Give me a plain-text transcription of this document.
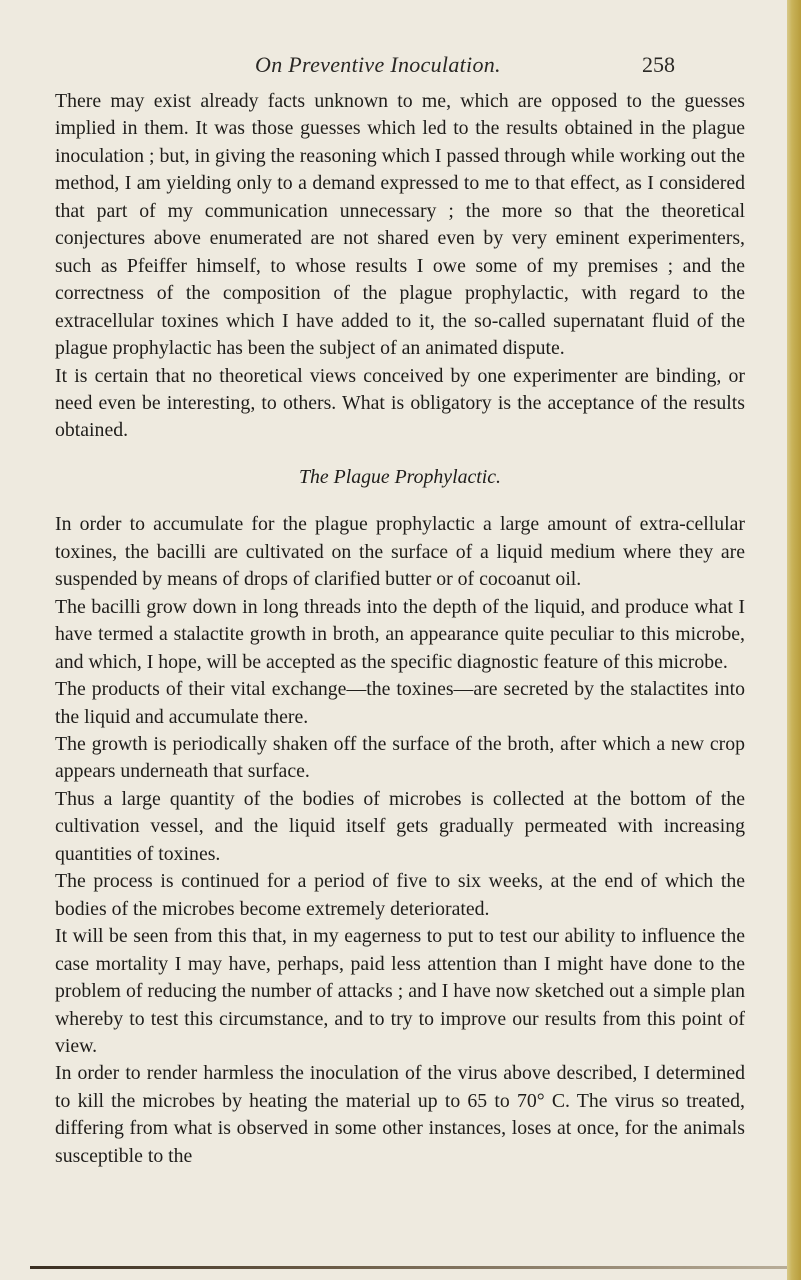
On Preventive Inoculation.	258

There may exist already facts unknown to me, which are opposed to the guesses implied in them. It was those guesses which led to the results obtained in the plague inoculation ; but, in giving the reasoning which I passed through while working out the method, I am yielding only to a demand expressed to me to that effect, as I considered that part of my communication unnecessary ; the more so that the theoretical conjectures above enumerated are not shared even by very eminent experimenters, such as Pfeiffer himself, to whose results I owe some of my premises ; and the correctness of the composition of the plague prophylactic, with regard to the extracellular toxines which I have added to it, the so-called supernatant fluid of the plague prophylactic has been the subject of an animated dispute.

It is certain that no theoretical views conceived by one experimenter are binding, or need even be interesting, to others. What is obligatory is the acceptance of the results obtained.

The Plague Prophylactic.

In order to accumulate for the plague prophylactic a large amount of extra-cellular toxines, the bacilli are cultivated on the surface of a liquid medium where they are suspended by means of drops of clarified butter or of cocoanut oil.

The bacilli grow down in long threads into the depth of the liquid, and produce what I have termed a stalactite growth in broth, an appearance quite peculiar to this microbe, and which, I hope, will be accepted as the specific diagnostic feature of this microbe.

The products of their vital exchange—the toxines—are secreted by the stalactites into the liquid and accumulate there.

The growth is periodically shaken off the surface of the broth, after which a new crop appears underneath that surface.

Thus a large quantity of the bodies of microbes is collected at the bottom of the cultivation vessel, and the liquid itself gets gradually permeated with increasing quantities of toxines.

The process is continued for a period of five to six weeks, at the end of which the bodies of the microbes become extremely deteriorated.

It will be seen from this that, in my eagerness to put to test our ability to influence the case mortality I may have, perhaps, paid less attention than I might have done to the problem of reducing the number of attacks ; and I have now sketched out a simple plan whereby to test this circumstance, and to try to improve our results from this point of view.

In order to render harmless the inoculation of the virus above described, I determined to kill the microbes by heating the material up to 65 to 70° C. The virus so treated, differing from what is observed in some other instances, loses at once, for the animals susceptible to the
